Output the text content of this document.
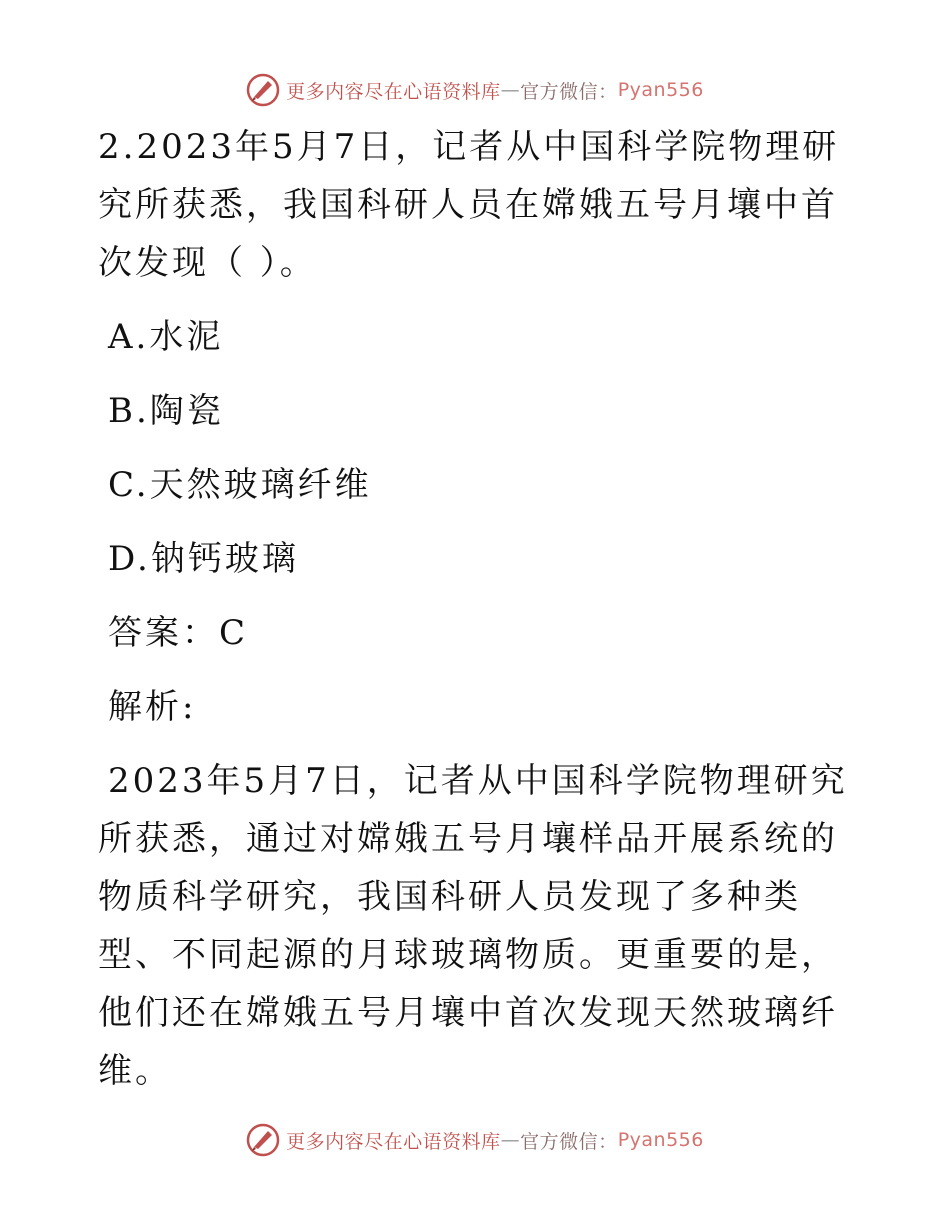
更多内容尽在心语资料库 — 官方微信： Pyan556

2.2023年5月7日，记者从中国科学院物理研究所获悉，我国科研人员在嫦娥五号月壤中首次发现（ ）。

A.水泥

B.陶瓷

C.天然玻璃纤维

D.钠钙玻璃

答案：C

解析:

2023年5月7日，记者从中国科学院物理研究所获悉，通过对嫦娥五号月壤样品开展系统的物质科学研究，我国科研人员发现了多种类型、不同起源的月球玻璃物质。更重要的是，他们还在嫦娥五号月壤中首次发现天然玻璃纤维。

更多内容尽在心语资料库 — 官方微信： Pyan556
